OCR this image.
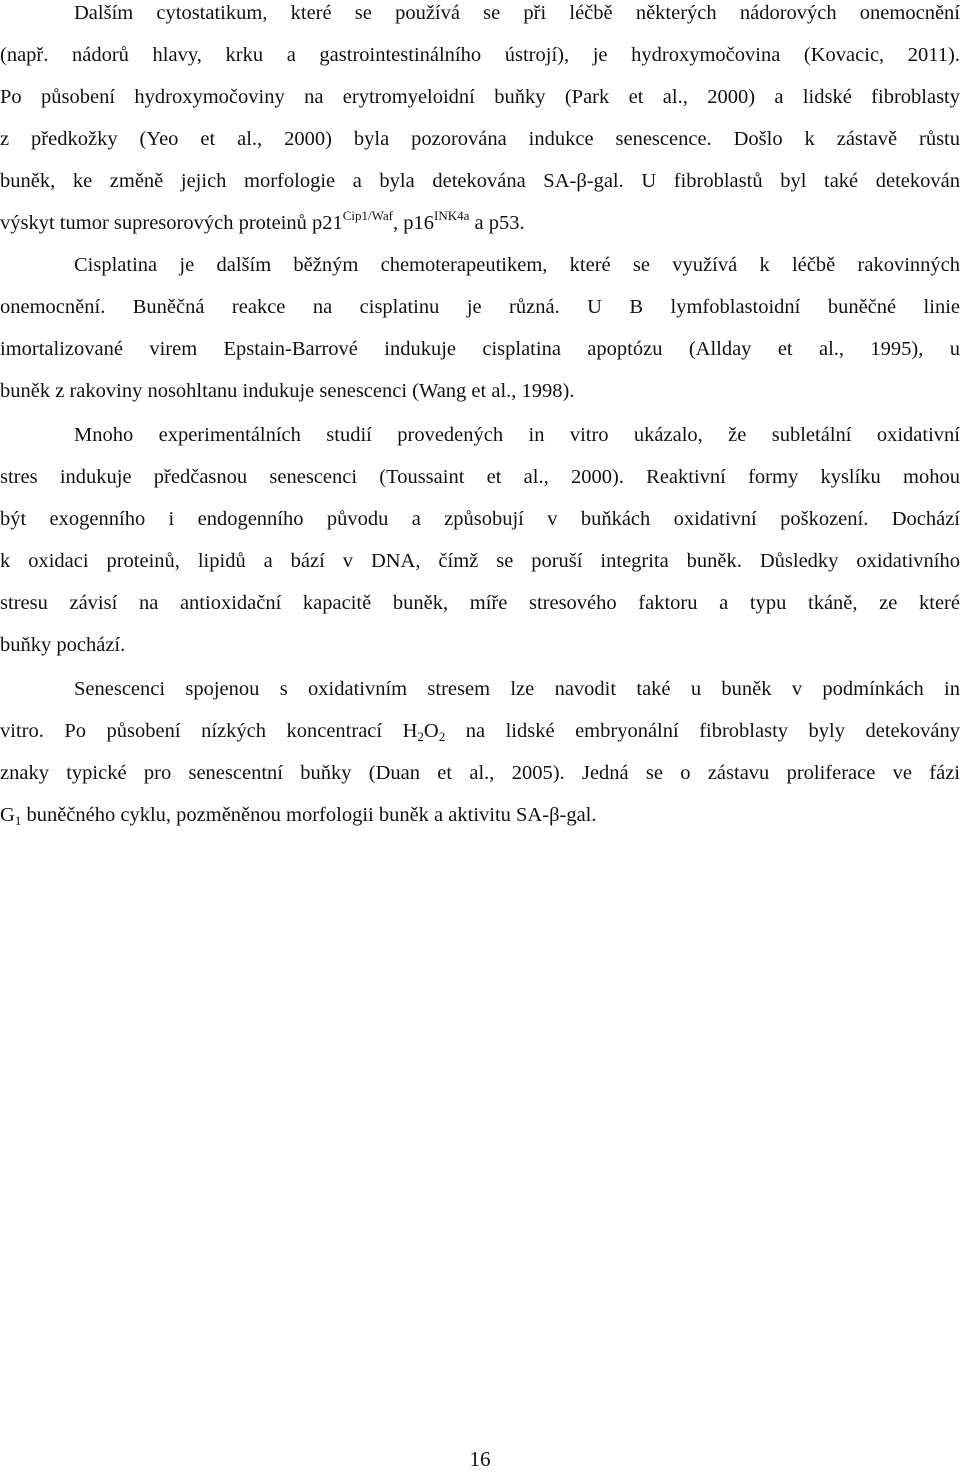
Dalším cytostatikum, které se používá se při léčbě některých nádorových onemocnění
(např. nádorů hlavy, krku a gastrointestinálního ústrojí), je hydroxymočovina (Kovacic, 2011).
Po působení hydroxymočoviny na erytromyeloidní buňky (Park et al., 2000) a lidské fibroblasty
z předkožky (Yeo et al., 2000) byla pozorována indukce senescence. Došlo k zástavě růstu
buněk, ke změně jejich morfologie a byla detekována SA-β-gal. U fibroblastů byl také detekován
výskyt tumor supresorových proteinů $p21^{Cip1/Waf}$, $p16^{INK4a}$ a p53.
Cisplatina je dalším běžným chemoterapeutikem, které se využívá k léčbě rakovinných
onemocnění. Buněčná reakce na cisplatinu je různá. U B lymfoblastoidní buněčné linie
imortalizované virem Epstain-Barrové indukuje cisplatina apoptózu (Allday et al., 1995), u
buněk z rakoviny nosohltanu indukuje senescenci (Wang et al., 1998).
Mnoho experimentálních studií provedených in vitro ukázalo, že subletální oxidativní
stres indukuje předčasnou senescenci (Toussaint et al., 2000). Reaktivní formy kyslíku mohou
být exogenního i endogenního původu a způsobují v buňkách oxidativní poškození. Dochází
k oxidaci proteinů, lipidů a bází v DNA, čímž se poruší integrita buněk. Důsledky oxidativního
stresu závisí na antioxidační kapacitě buněk, míře stresového faktoru a typu tkáně, ze které
buňky pochází.
Senescenci spojenou s oxidativním stresem lze navodit také u buněk v podmínkách in
vitro. Po působení nízkých koncentrací $H_2O_2$ na lidské embryonální fibroblasty byly detekovány
znaky typické pro senescentní buňky (Duan et al., 2005). Jedná se o zástavu proliferace ve fázi
$G_1$ buněčného cyklu, pozměněnou morfologii buněk a aktivitu SA-β-gal.
16
